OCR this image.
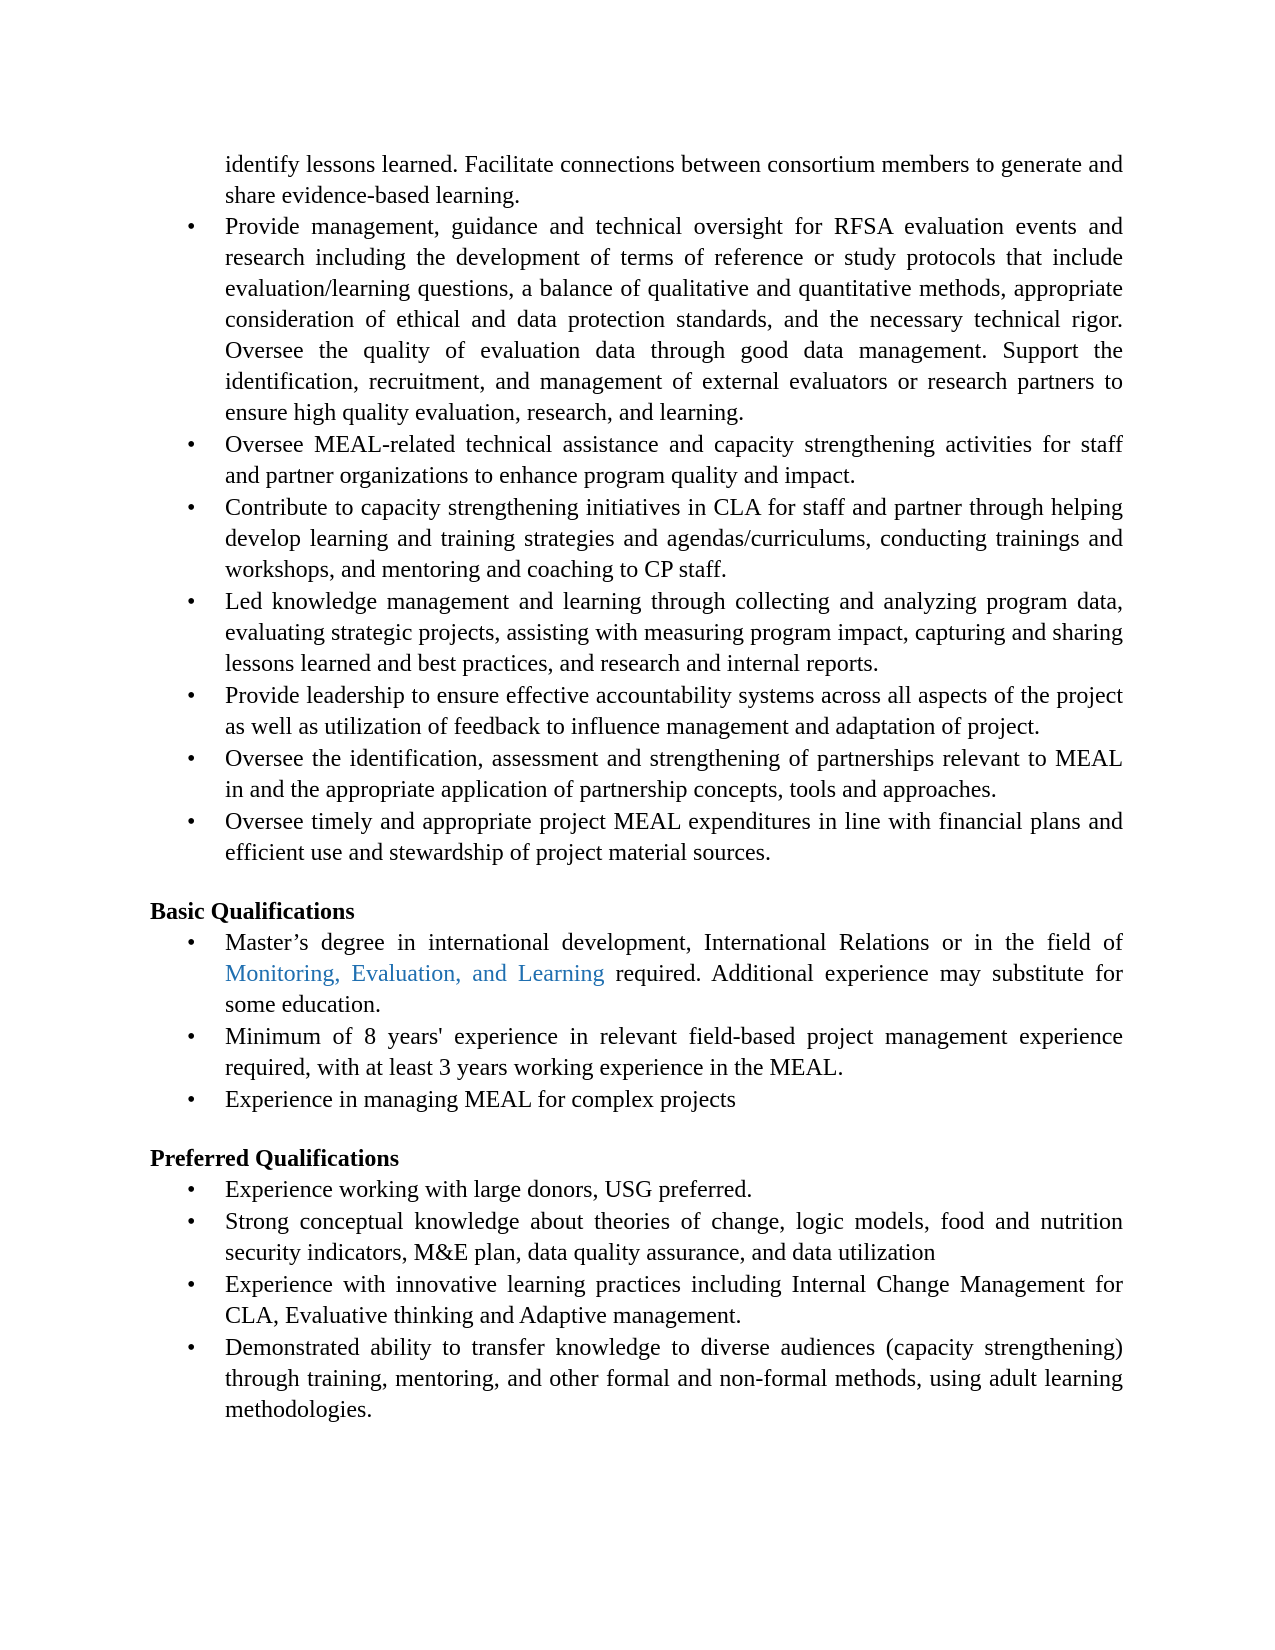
identify lessons learned. Facilitate connections between consortium members to generate and share evidence-based learning.
•	Provide management, guidance and technical oversight for RFSA evaluation events and research including the development of terms of reference or study protocols that include evaluation/learning questions, a balance of qualitative and quantitative methods, appropriate consideration of ethical and data protection standards, and the necessary technical rigor. Oversee the quality of evaluation data through good data management. Support the identification, recruitment, and management of external evaluators or research partners to ensure high quality evaluation, research, and learning.
•	Oversee MEAL-related technical assistance and capacity strengthening activities for staff and partner organizations to enhance program quality and impact.
•	Contribute to capacity strengthening initiatives in CLA for staff and partner through helping develop learning and training strategies and agendas/curriculums, conducting trainings and workshops, and mentoring and coaching to CP staff.
•	Led knowledge management and learning through collecting and analyzing program data, evaluating strategic projects, assisting with measuring program impact, capturing and sharing lessons learned and best practices, and research and internal reports.
•	Provide leadership to ensure effective accountability systems across all aspects of the project as well as utilization of feedback to influence management and adaptation of project.
•	Oversee the identification, assessment and strengthening of partnerships relevant to MEAL in and the appropriate application of partnership concepts, tools and approaches.
•	Oversee timely and appropriate project MEAL expenditures in line with financial plans and efficient use and stewardship of project material sources.
Basic Qualifications
•	Master’s degree in international development, International Relations or in the field of Monitoring, Evaluation, and Learning required. Additional experience may substitute for some education.
•	Minimum of 8 years' experience in relevant field-based project management experience required, with at least 3 years working experience in the MEAL.
•	Experience in managing MEAL for complex projects
Preferred Qualifications
•	Experience working with large donors, USG preferred.
•	Strong conceptual knowledge about theories of change, logic models, food and nutrition security indicators, M&E plan, data quality assurance, and data utilization
•	Experience with innovative learning practices including Internal Change Management for CLA, Evaluative thinking and Adaptive management.
•	Demonstrated ability to transfer knowledge to diverse audiences (capacity strengthening) through training, mentoring, and other formal and non-formal methods, using adult learning methodologies.
